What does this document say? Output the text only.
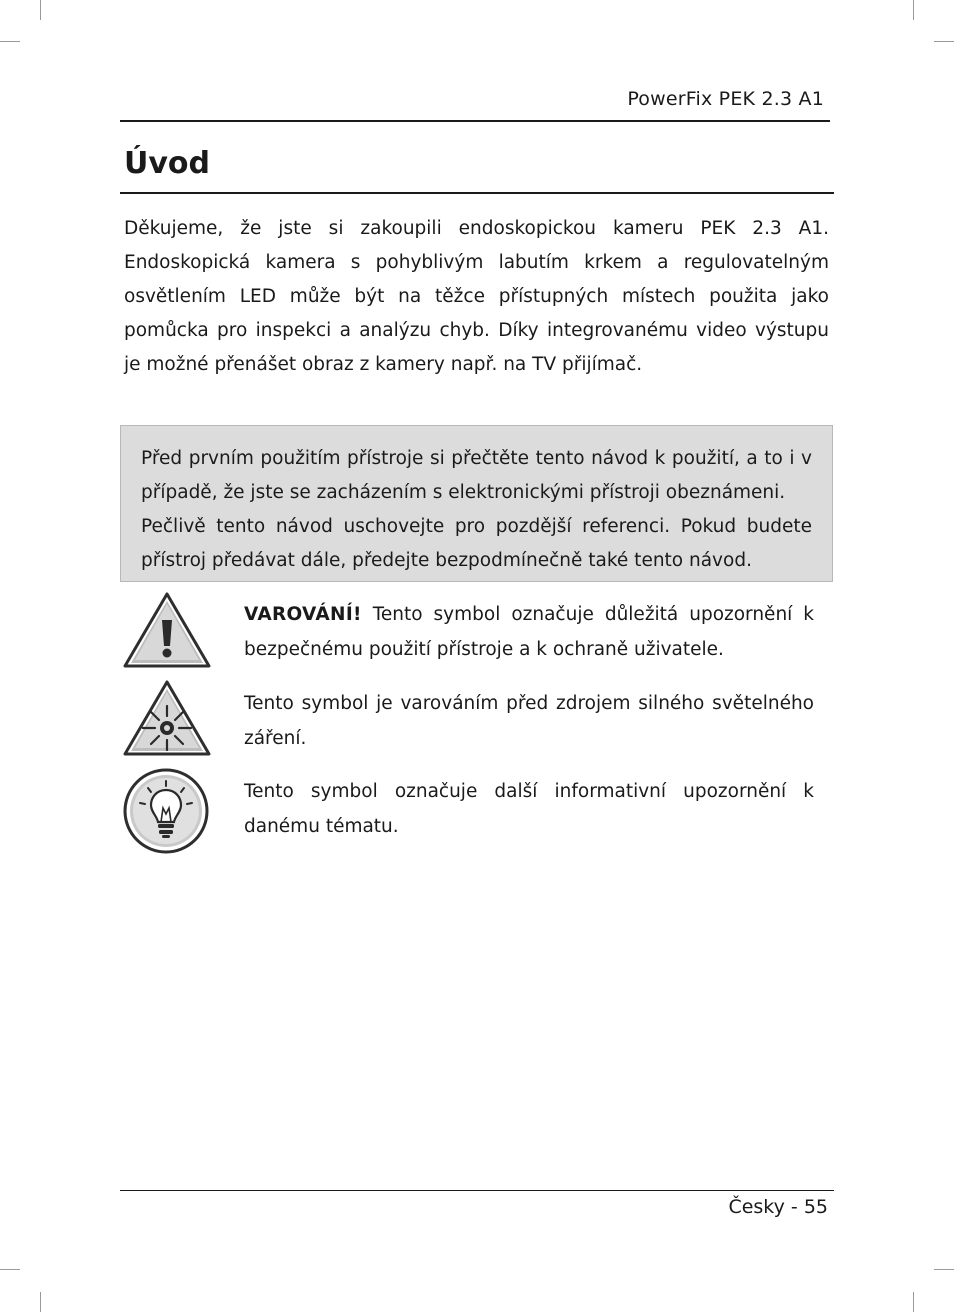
PowerFix PEK 2.3 A1
Úvod

Děkujeme, že jste si zakoupili endoskopickou kameru PEK 2.3 A1. Endoskopická kamera s pohyblivým labutím krkem a regulovatelným osvětlením LED může být na těžce přístupných místech použita jako pomůcka pro inspekci a analýzu chyb. Díky integrovanému video výstupu je možné přenášet obraz z kamery např. na TV přijímač.

Před prvním použitím přístroje si přečtěte tento návod k použití, a to i v případě, že jste se zacházením s elektronickými přístroji obeznámeni.

Pečlivě tento návod uschovejte pro pozdější referenci. Pokud budete přístroj předávat dále, předejte bezpodmínečně také tento návod.

VAROVÁNÍ! Tento symbol označuje důležitá upozornění k bezpečnému použití přístroje a k ochraně uživatele.

Tento symbol je varováním před zdrojem silného světelného záření.

Tento symbol označuje další informativní upozornění k danému tématu.

Česky - 55
